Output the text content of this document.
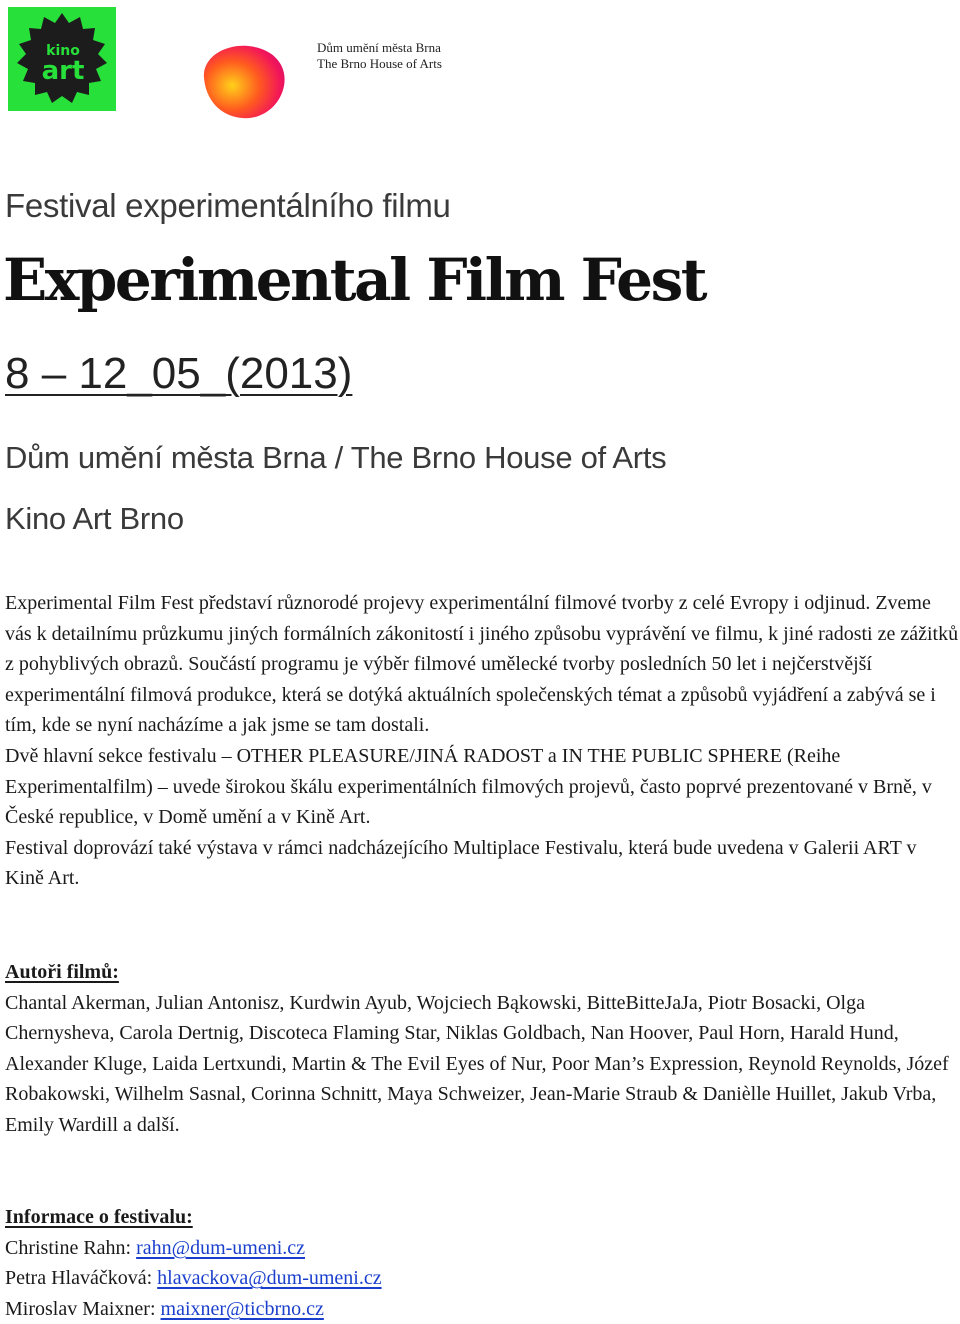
kino
art
Dům umění města Brna
The Brno House of Arts
Festival experimentálního filmu
Experimental Film Fest
8 – 12_05_(2013)
Dům umění města Brna / The Brno House of Arts
Kino Art Brno

Experimental Film Fest představí různorodé projevy experimentální filmové tvorby z celé Evropy i odjinud. Zveme vás k detailnímu průzkumu jiných formálních zákonitostí i jiného způsobu vyprávění ve filmu, k jiné radosti ze zážitků z pohyblivých obrazů. Součástí programu je výběr filmové umělecké tvorby posledních 50 let i nejčerstvější experimentální filmová produkce, která se dotýká aktuálních společenských témat a způsobů vyjádření a zabývá se i tím, kde se nyní nacházíme a jak jsme se tam dostali.

Dvě hlavní sekce festivalu – OTHER PLEASURE/JINÁ RADOST a IN THE PUBLIC SPHERE (Reihe Experimentalfilm) – uvede širokou škálu experimentálních filmových projevů, často poprvé prezentované v Brně, v České republice, v Domě umění a v Kině Art.

Festival doprovází také výstava v rámci nadcházejícího Multiplace Festivalu, která bude uvedena v Galerii ART v Kině Art.

Autoři filmů:
Chantal Akerman, Julian Antonisz, Kurdwin Ayub, Wojciech Bąkowski, BitteBitteJaJa, Piotr Bosacki, Olga Chernysheva, Carola Dertnig, Discoteca Flaming Star, Niklas Goldbach, Nan Hoover, Paul Horn, Harald Hund, Alexander Kluge, Laida Lertxundi, Martin & The Evil Eyes of Nur, Poor Man’s Expression, Reynold Reynolds, Józef Robakowski, Wilhelm Sasnal, Corinna Schnitt, Maya Schweizer, Jean-Marie Straub & Danièlle Huillet, Jakub Vrba, Emily Wardill a další.
Informace o festivalu:
Christine Rahn: rahn@dum-umeni.cz
Petra Hlaváčková: hlavackova@dum-umeni.cz
Miroslav Maixner: maixner@ticbrno.cz
